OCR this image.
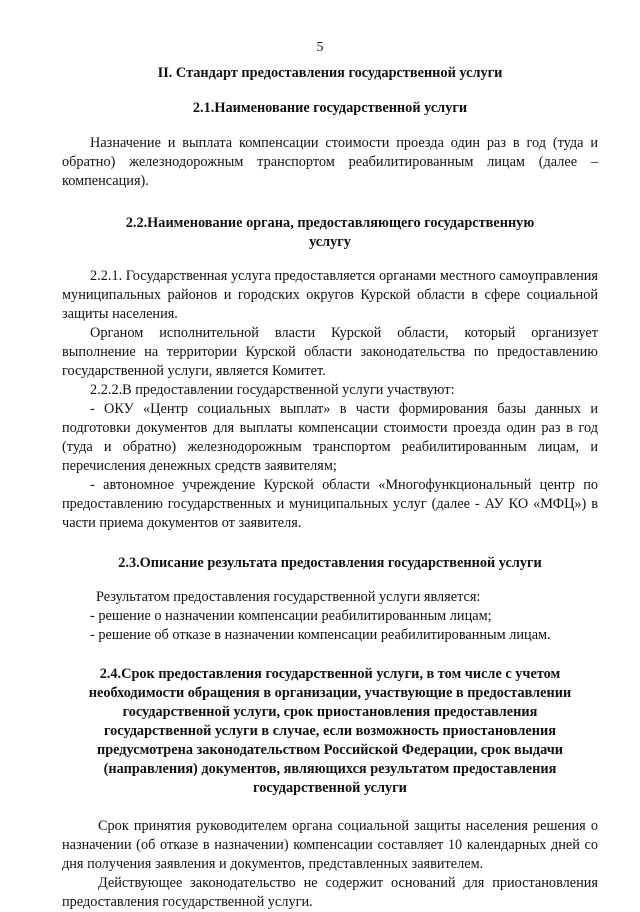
5

II. Стандарт предоставления государственной услуги

2.1.Наименование государственной услуги

Назначение и выплата компенсации стоимости проезда один раз в год (туда и обратно) железнодорожным транспортом реабилитированным лицам (далее – компенсация).

2.2.Наименование органа, предоставляющего государственную

услугу

2.2.1. Государственная услуга предоставляется органами местного самоуправления муниципальных районов и городских округов Курской области в сфере социальной защиты населения.

Органом исполнительной власти Курской области, который организует выполнение на территории Курской области законодательства по предоставлению государственной услуги, является Комитет.

2.2.2.В предоставлении государственной услуги участвуют:

- ОКУ «Центр социальных выплат» в части формирования базы данных и подготовки документов для выплаты компенсации стоимости проезда один раз в год (туда и обратно) железнодорожным транспортом реабилитированным лицам, и перечисления денежных средств заявителям;

- автономное учреждение Курской области «Многофункциональный центр по предоставлению государственных и муниципальных услуг (далее - АУ КО «МФЦ») в части приема документов от заявителя.

2.3.Описание результата предоставления государственной услуги

Результатом предоставления государственной услуги является:

- решение о назначении компенсации реабилитированным лицам;

- решение об отказе в назначении компенсации реабилитированным лицам.

2.4.Срок предоставления государственной услуги, в том числе с учетом

необходимости обращения в организации, участвующие в предоставлении

государственной услуги, срок приостановления предоставления

государственной услуги в случае, если возможность приостановления

предусмотрена законодательством Российской Федерации, срок выдачи

(направления) документов, являющихся результатом предоставления

государственной услуги

Срок принятия руководителем органа социальной защиты населения решения о назначении (об отказе в назначении) компенсации составляет 10 календарных дней со дня получения заявления и документов, представленных заявителем.

Действующее законодательство не содержит оснований для приостановления предоставления государственной услуги.
